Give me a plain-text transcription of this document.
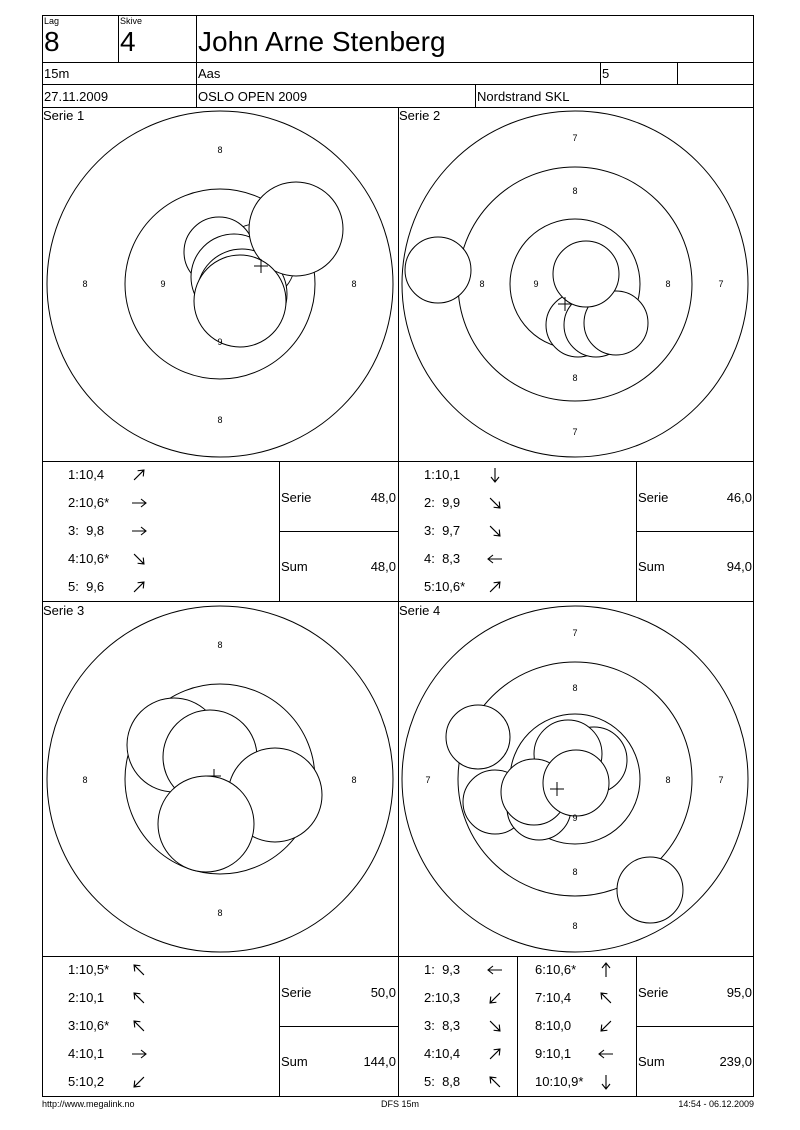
Lag
8
Skive
4 John Arne Stenberg
15m	Aas	5
27.11.2009	OSLO OPEN 2009	Nordstrand SKL
Serie 1
8
8	8
8
9
9
Serie 2
7
8
8	8
8
7
7
9
Serie 3
8
8	8
8
Serie 4
7
8
8
8
7	7
8
9
1:10,4
2:10,6*
3:  9,8
4:10,6*
5:  9,6
1:10,1
2:  9,9
3:  9,7
4:  8,3
5:10,6*
1:10,5*
2:10,1
3:10,6*
4:10,1
5:10,2
1:  9,3
2:10,3
3:  8,3
4:10,4
5:  8,8
6:10,6*
7:10,4
8:10,0
9:10,1
10:10,9*
Serie	48,0
Sum	48,0
Serie	46,0
Sum	94,0
Serie	50,0
Sum	144,0
Serie	95,0
Sum	239,0
http://www.megalink.no	DFS 15m	14:54 - 06.12.2009
